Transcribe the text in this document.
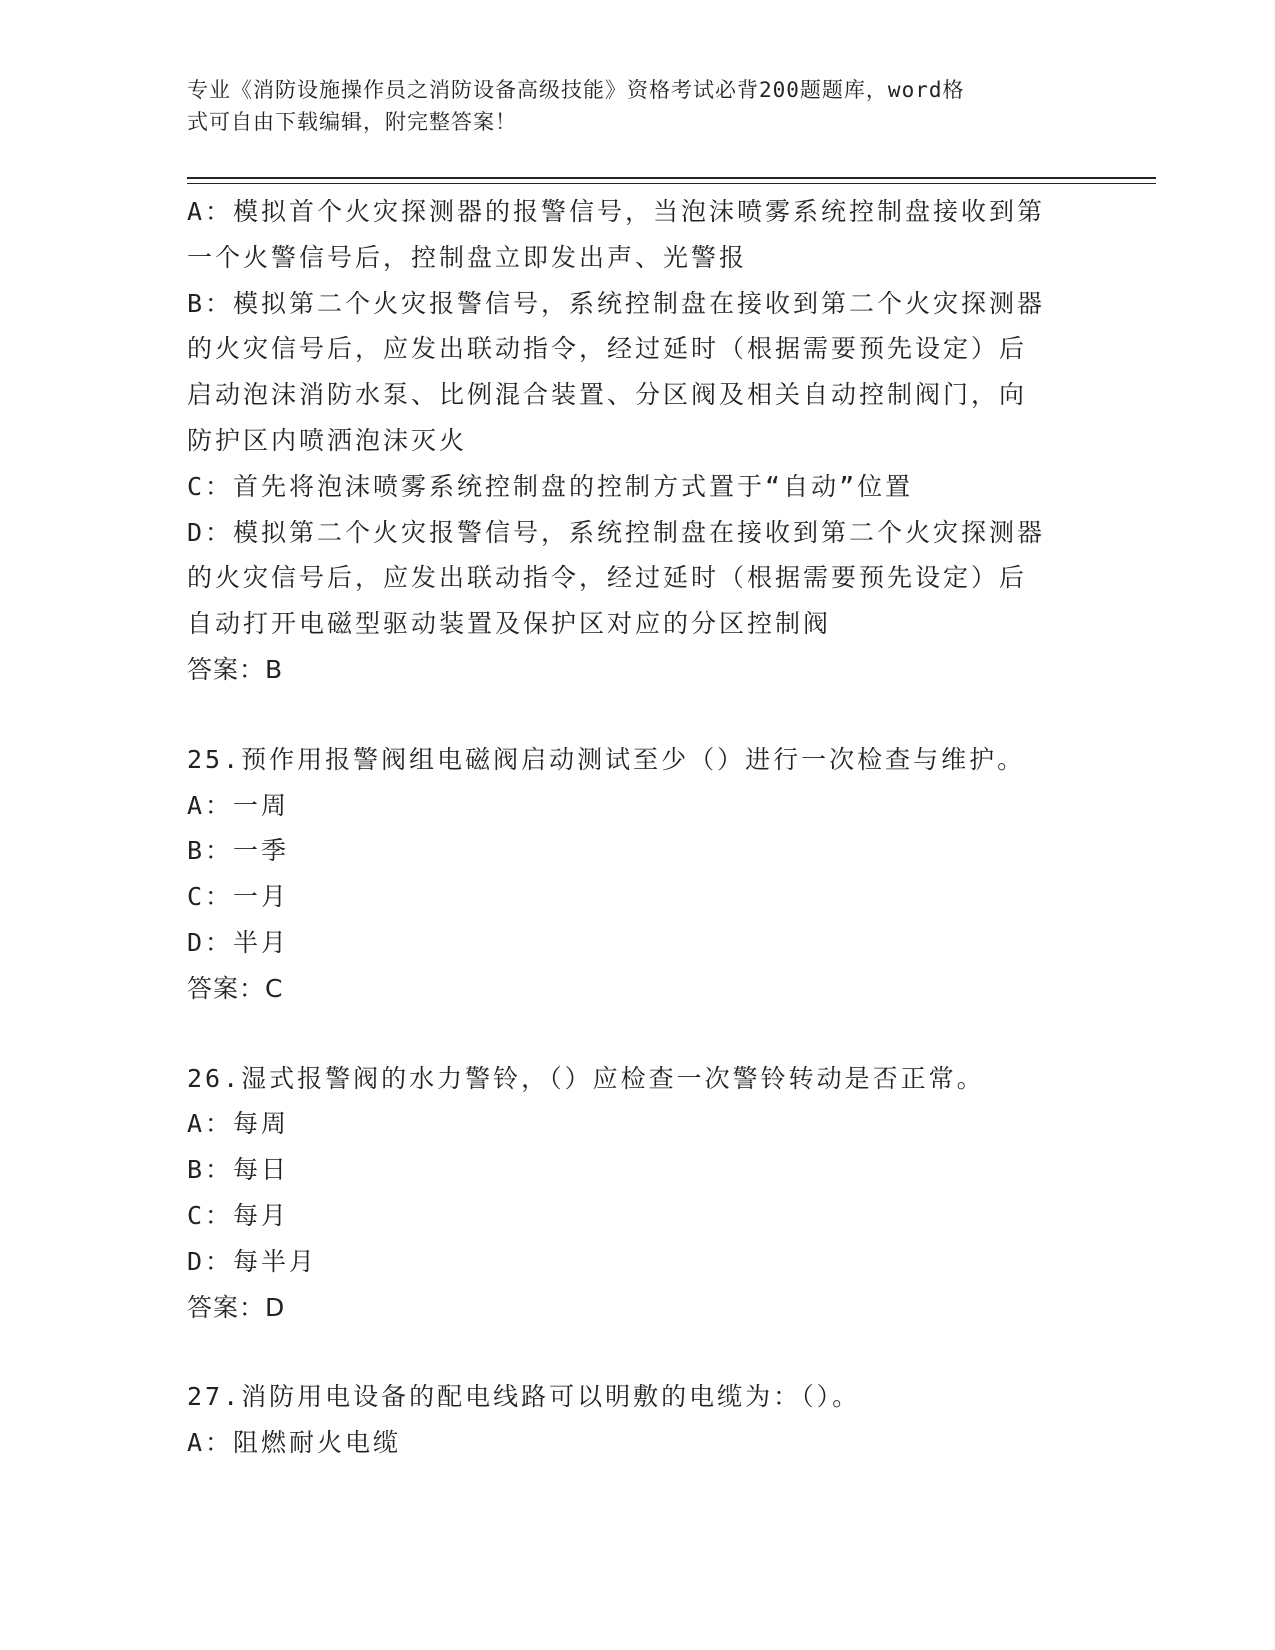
专业《消防设施操作员之消防设备高级技能》资格考试必背200题题库，word格
式可自由下载编辑，附完整答案！
A：模拟首个火灾探测器的报警信号，当泡沫喷雾系统控制盘接收到第
一个火警信号后，控制盘立即发出声、光警报
B：模拟第二个火灾报警信号，系统控制盘在接收到第二个火灾探测器
的火灾信号后，应发出联动指令，经过延时（根据需要预先设定）后
启动泡沫消防水泵、比例混合装置、分区阀及相关自动控制阀门，向
防护区内喷洒泡沫灭火
C：首先将泡沫喷雾系统控制盘的控制方式置于“自动”位置
D：模拟第二个火灾报警信号，系统控制盘在接收到第二个火灾探测器
的火灾信号后，应发出联动指令，经过延时（根据需要预先设定）后
自动打开电磁型驱动装置及保护区对应的分区控制阀
答案：B
25.预作用报警阀组电磁阀启动测试至少（）进行一次检查与维护。
A：一周
B：一季
C：一月
D：半月
答案：C
26.湿式报警阀的水力警铃，（）应检查一次警铃转动是否正常。
A：每周
B：每日
C：每月
D：每半月
答案：D
27.消防用电设备的配电线路可以明敷的电缆为：（）。
A：阻燃耐火电缆
